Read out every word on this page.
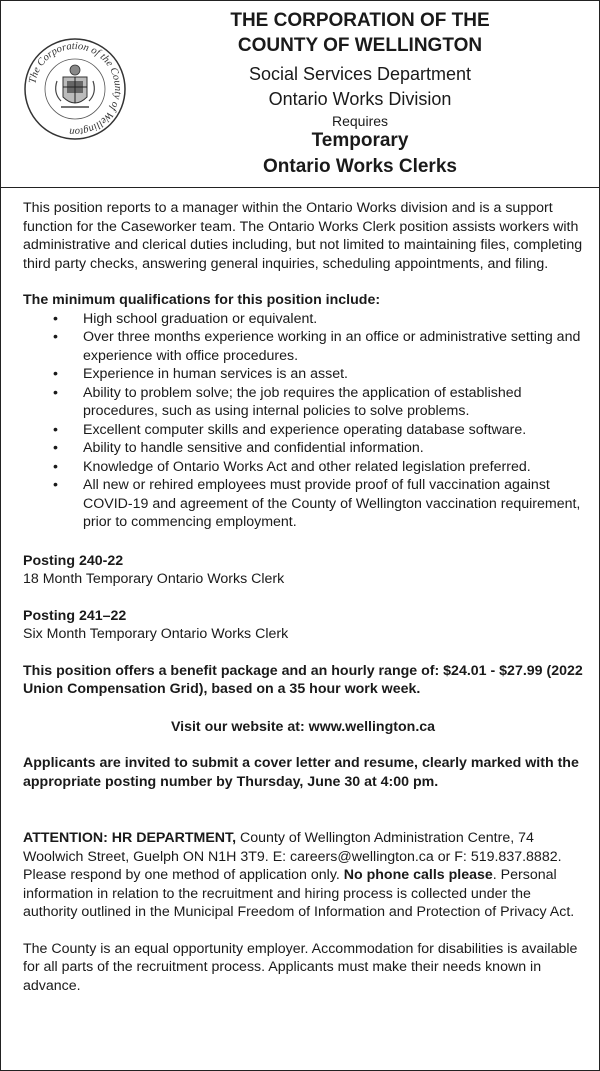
The Corporation of the County of Wellington
THE CORPORATION OF THE
COUNTY OF WELLINGTON
Social Services Department
Ontario Works Division
Requires
Temporary
Ontario Works Clerks

This position reports to a manager within the Ontario Works division and is a support function for the Caseworker team. The Ontario Works Clerk position assists workers with administrative and clerical duties including, but not limited to maintaining files, completing third party checks, answering general inquiries, scheduling appointments, and filing.

The minimum qualifications for this position include:

• High school graduation or equivalent.
• Over three months experience working in an office or administrative setting and experience with office procedures.
• Experience in human services is an asset.
• Ability to problem solve; the job requires the application of established procedures, such as using internal policies to solve problems.
• Excellent computer skills and experience operating database software.
• Ability to handle sensitive and confidential information.
• Knowledge of Ontario Works Act and other related legislation preferred.
• All new or rehired employees must provide proof of full vaccination against COVID-19 and agreement of the County of Wellington vaccination requirement, prior to commencing employment.

Posting 240-22

18 Month Temporary Ontario Works Clerk

Posting 241–22

Six Month Temporary Ontario Works Clerk

This position offers a benefit package and an hourly range of: $24.01 - $27.99 (2022 Union Compensation Grid), based on a 35 hour work week.

Visit our website at: www.wellington.ca

Applicants are invited to submit a cover letter and resume, clearly marked with the appropriate posting number by Thursday, June 30 at 4:00 pm.

ATTENTION: HR DEPARTMENT, County of Wellington Administration Centre, 74 Woolwich Street, Guelph ON N1H 3T9. E: careers@wellington.ca or F: 519.837.8882. Please respond by one method of application only. No phone calls please. Personal information in relation to the recruitment and hiring process is collected under the authority outlined in the Municipal Freedom of Information and Protection of Privacy Act.

The County is an equal opportunity employer. Accommodation for disabilities is available for all parts of the recruitment process. Applicants must make their needs known in advance.
